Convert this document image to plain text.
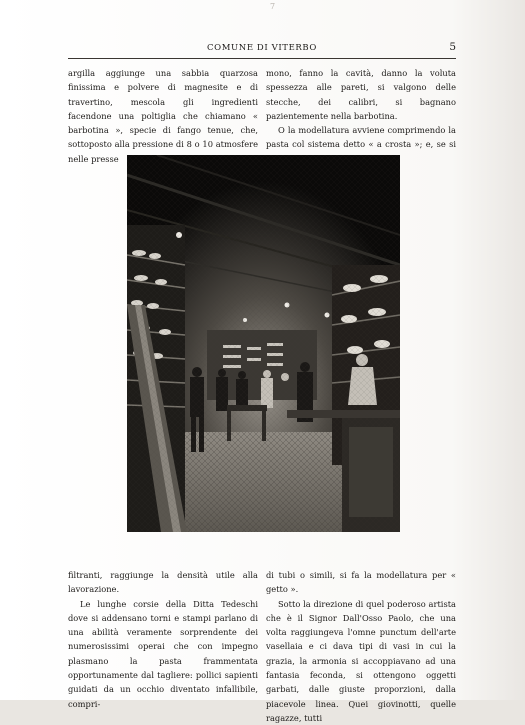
7
COMUNE DI VITERBO	5

argilla aggiunge una sabbia quarzosa finissima e polvere di magnesite e di travertino, mescola gli ingredienti facendone una poltiglia che chiamano « barbotina », specie di fango tenue, che, sottoposto alla pressione di 8 o 10 atmosfere nelle presse

mono, fanno la cavità, danno la voluta spessezza alle pareti, si valgono delle stecche, dei calibri, si bagnano pazientemente nella barbotina.

O la modellatura avviene comprimendo la pasta col sistema detto « a crosta »; e, se si

filtranti, raggiunge la densità utile alla lavorazione.

Le lunghe corsie della Ditta Tedeschi dove si addensano torni e stampi parlano di una abilità veramente sorprendente dei numerosissimi operai che con impegno plasmano la pasta frammentata opportunamente dal tagliere: pollici sapienti guidati da un occhio diventato infallibile, compri-

di tubi o simili, si fa la modellatura per « getto ».

Sotto la direzione di quel poderoso artista che è il Signor Dall'Osso Paolo, che una volta raggiungeva l'omne punctum dell'arte vasellaia e ci dava tipi di vasi in cui la grazia, la armonia si accoppiavano ad una fantasia feconda, si ottengono oggetti garbati, dalle giuste proporzioni, dalla piacevole linea. Quei giovinotti, quelle ragazze, tutti
